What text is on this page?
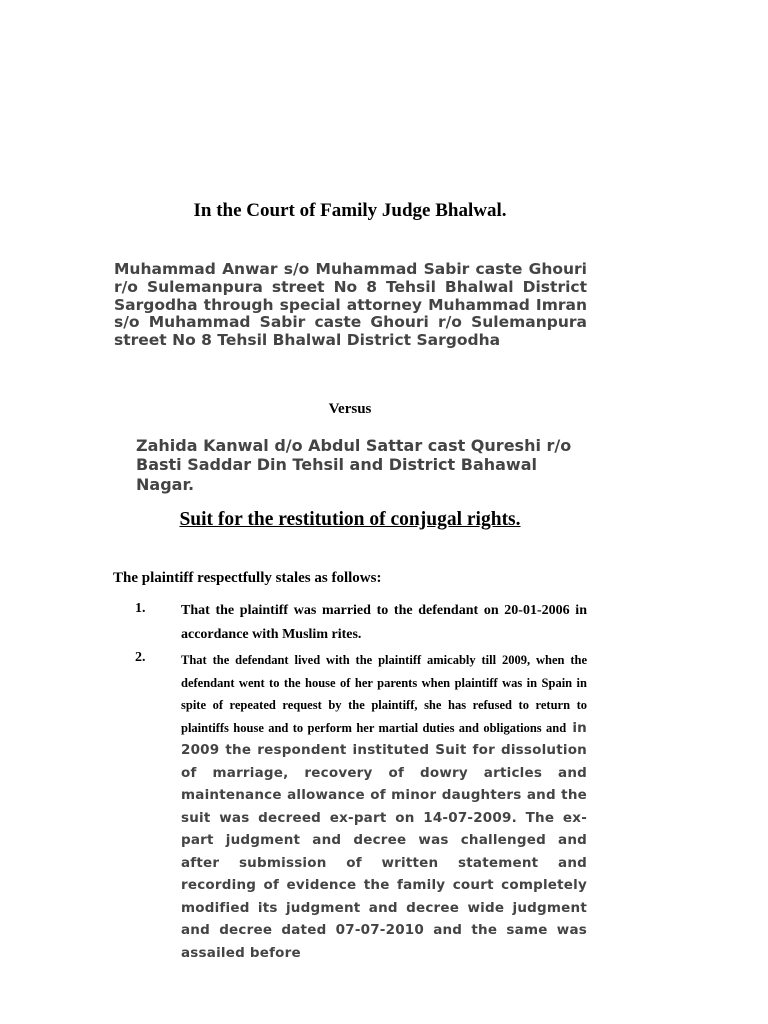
In the Court of Family Judge Bhalwal.
Muhammad Anwar s/o Muhammad Sabir caste Ghouri r/o Sulemanpura street No 8 Tehsil Bhalwal District Sargodha through special attorney Muhammad Imran s/o Muhammad Sabir caste Ghouri r/o Sulemanpura street No 8 Tehsil Bhalwal District Sargodha
Versus
Zahida Kanwal d/o Abdul Sattar cast Qureshi r/o Basti Saddar Din Tehsil and District Bahawal Nagar.
Suit for the restitution of conjugal rights.
The plaintiff respectfully stales as follows:
1.	That the plaintiff was married to the defendant on 20-01-2006 in accordance with Muslim rites.
2.	That the defendant lived with the plaintiff amicably till 2009, when the defendant went to the house of her parents when plaintiff was in Spain in spite of repeated request by the plaintiff, she has refused to return to plaintiffs house and to perform her martial duties and obligations and in 2009 the respondent instituted Suit for dissolution of marriage, recovery of dowry articles and maintenance allowance of minor daughters and the suit was decreed ex-part on 14-07-2009. The ex-part judgment and decree was challenged and after submission of written statement and recording of evidence the family court completely modified its judgment and decree wide judgment and decree dated 07-07-2010 and the same was assailed before
